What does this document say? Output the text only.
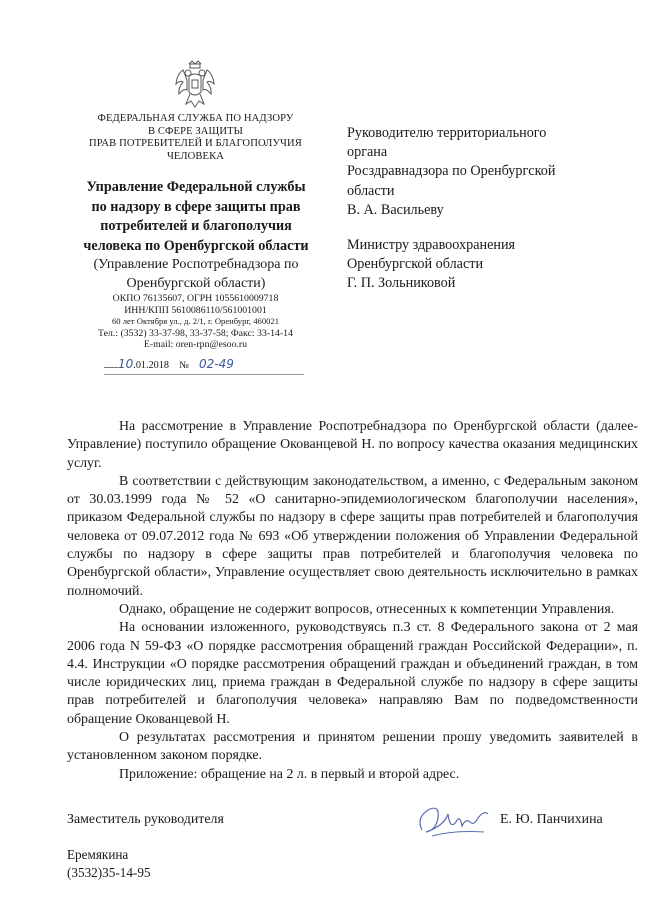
ФЕДЕРАЛЬНАЯ СЛУЖБА ПО НАДЗОРУ
В СФЕРЕ ЗАЩИТЫ
ПРАВ ПОТРЕБИТЕЛЕЙ И БЛАГОПОЛУЧИЯ
ЧЕЛОВЕКА
Управление Федеральной службы
по надзору в сфере защиты прав
потребителей и благополучия
человека по Оренбургской области
(Управление Роспотребнадзора по
Оренбургской области)
ОКПО 76135607, ОГРН 1055610009718
ИНН/КПП 5610086110/561001001
60 лет Октября ул., д. 2/1, г. Оренбург, 460021
Тел.: (3532) 33-37-98, 33-37-58; Факс: 33-14-14
E-mail: oren-rpn@esoo.ru
10.01.2018 № 02-49
Руководителю территориального
органа
Росздравнадзора по Оренбургской
области
В. А. Васильеву
Министру здравоохранения
Оренбургской области
Г. П. Зольниковой

На рассмотрение в Управление Роспотребнадзора по Оренбургской области (далее-Управление) поступило обращение Окованцевой Н. по вопросу качества оказания медицинских услуг.

В соответствии с действующим законодательством, а именно, с Федеральным законом от 30.03.1999 года № 52 «О санитарно-эпидемиологическом благополучии населения», приказом Федеральной службы по надзору в сфере защиты прав потребителей и благополучия человека от 09.07.2012 года № 693 «Об утверждении положения об Управлении Федеральной службы по надзору в сфере защиты прав потребителей и благополучия человека по Оренбургской области», Управление осуществляет свою деятельность исключительно в рамках полномочий.

Однако, обращение не содержит вопросов, отнесенных к компетенции Управления.

На основании изложенного, руководствуясь п.3 ст. 8 Федерального закона от 2 мая 2006 года N 59-ФЗ «О порядке рассмотрения обращений граждан Российской Федерации», п. 4.4. Инструкции «О порядке рассмотрения обращений граждан и объединений граждан, в том числе юридических лиц, приема граждан в Федеральной службе по надзору в сфере защиты прав потребителей и благополучия человека» направляю Вам по подведомственности обращение Окованцевой Н.

О результатах рассмотрения и принятом решении прошу уведомить заявителей в установленном законом порядке.

Приложение: обращение на 2 л. в первый и второй адрес.

Заместитель руководителя	Е. Ю. Панчихина
Еремякина
(3532)35-14-95
